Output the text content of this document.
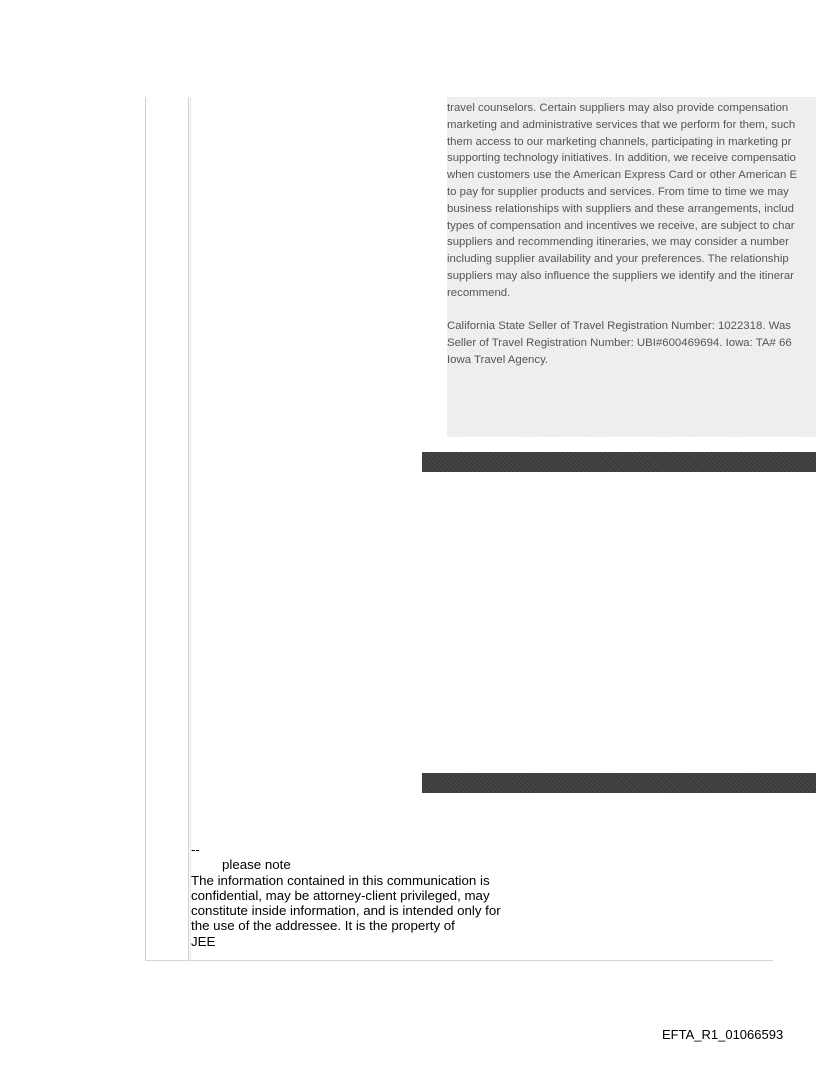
travel counselors. Certain suppliers may also provide compensation
marketing and administrative services that we perform for them, such
them access to our marketing channels, participating in marketing pr
supporting technology initiatives. In addition, we receive compensatio
when customers use the American Express Card or other American E
to pay for supplier products and services. From time to time we may
business relationships with suppliers and these arrangements, includ
types of compensation and incentives we receive, are subject to char
suppliers and recommending itineraries, we may consider a number
including supplier availability and your preferences. The relationship
suppliers may also influence the suppliers we identify and the itinerar
recommend.
California State Seller of Travel Registration Number: 1022318. Was
Seller of Travel Registration Number: UBI#600469694. Iowa: TA# 66
Iowa Travel Agency.
--
please note
The information contained in this communication is
confidential, may be attorney-client privileged, may
constitute inside information, and is intended only for
the use of the addressee. It is the property of
JEE
EFTA_R1_01066593
